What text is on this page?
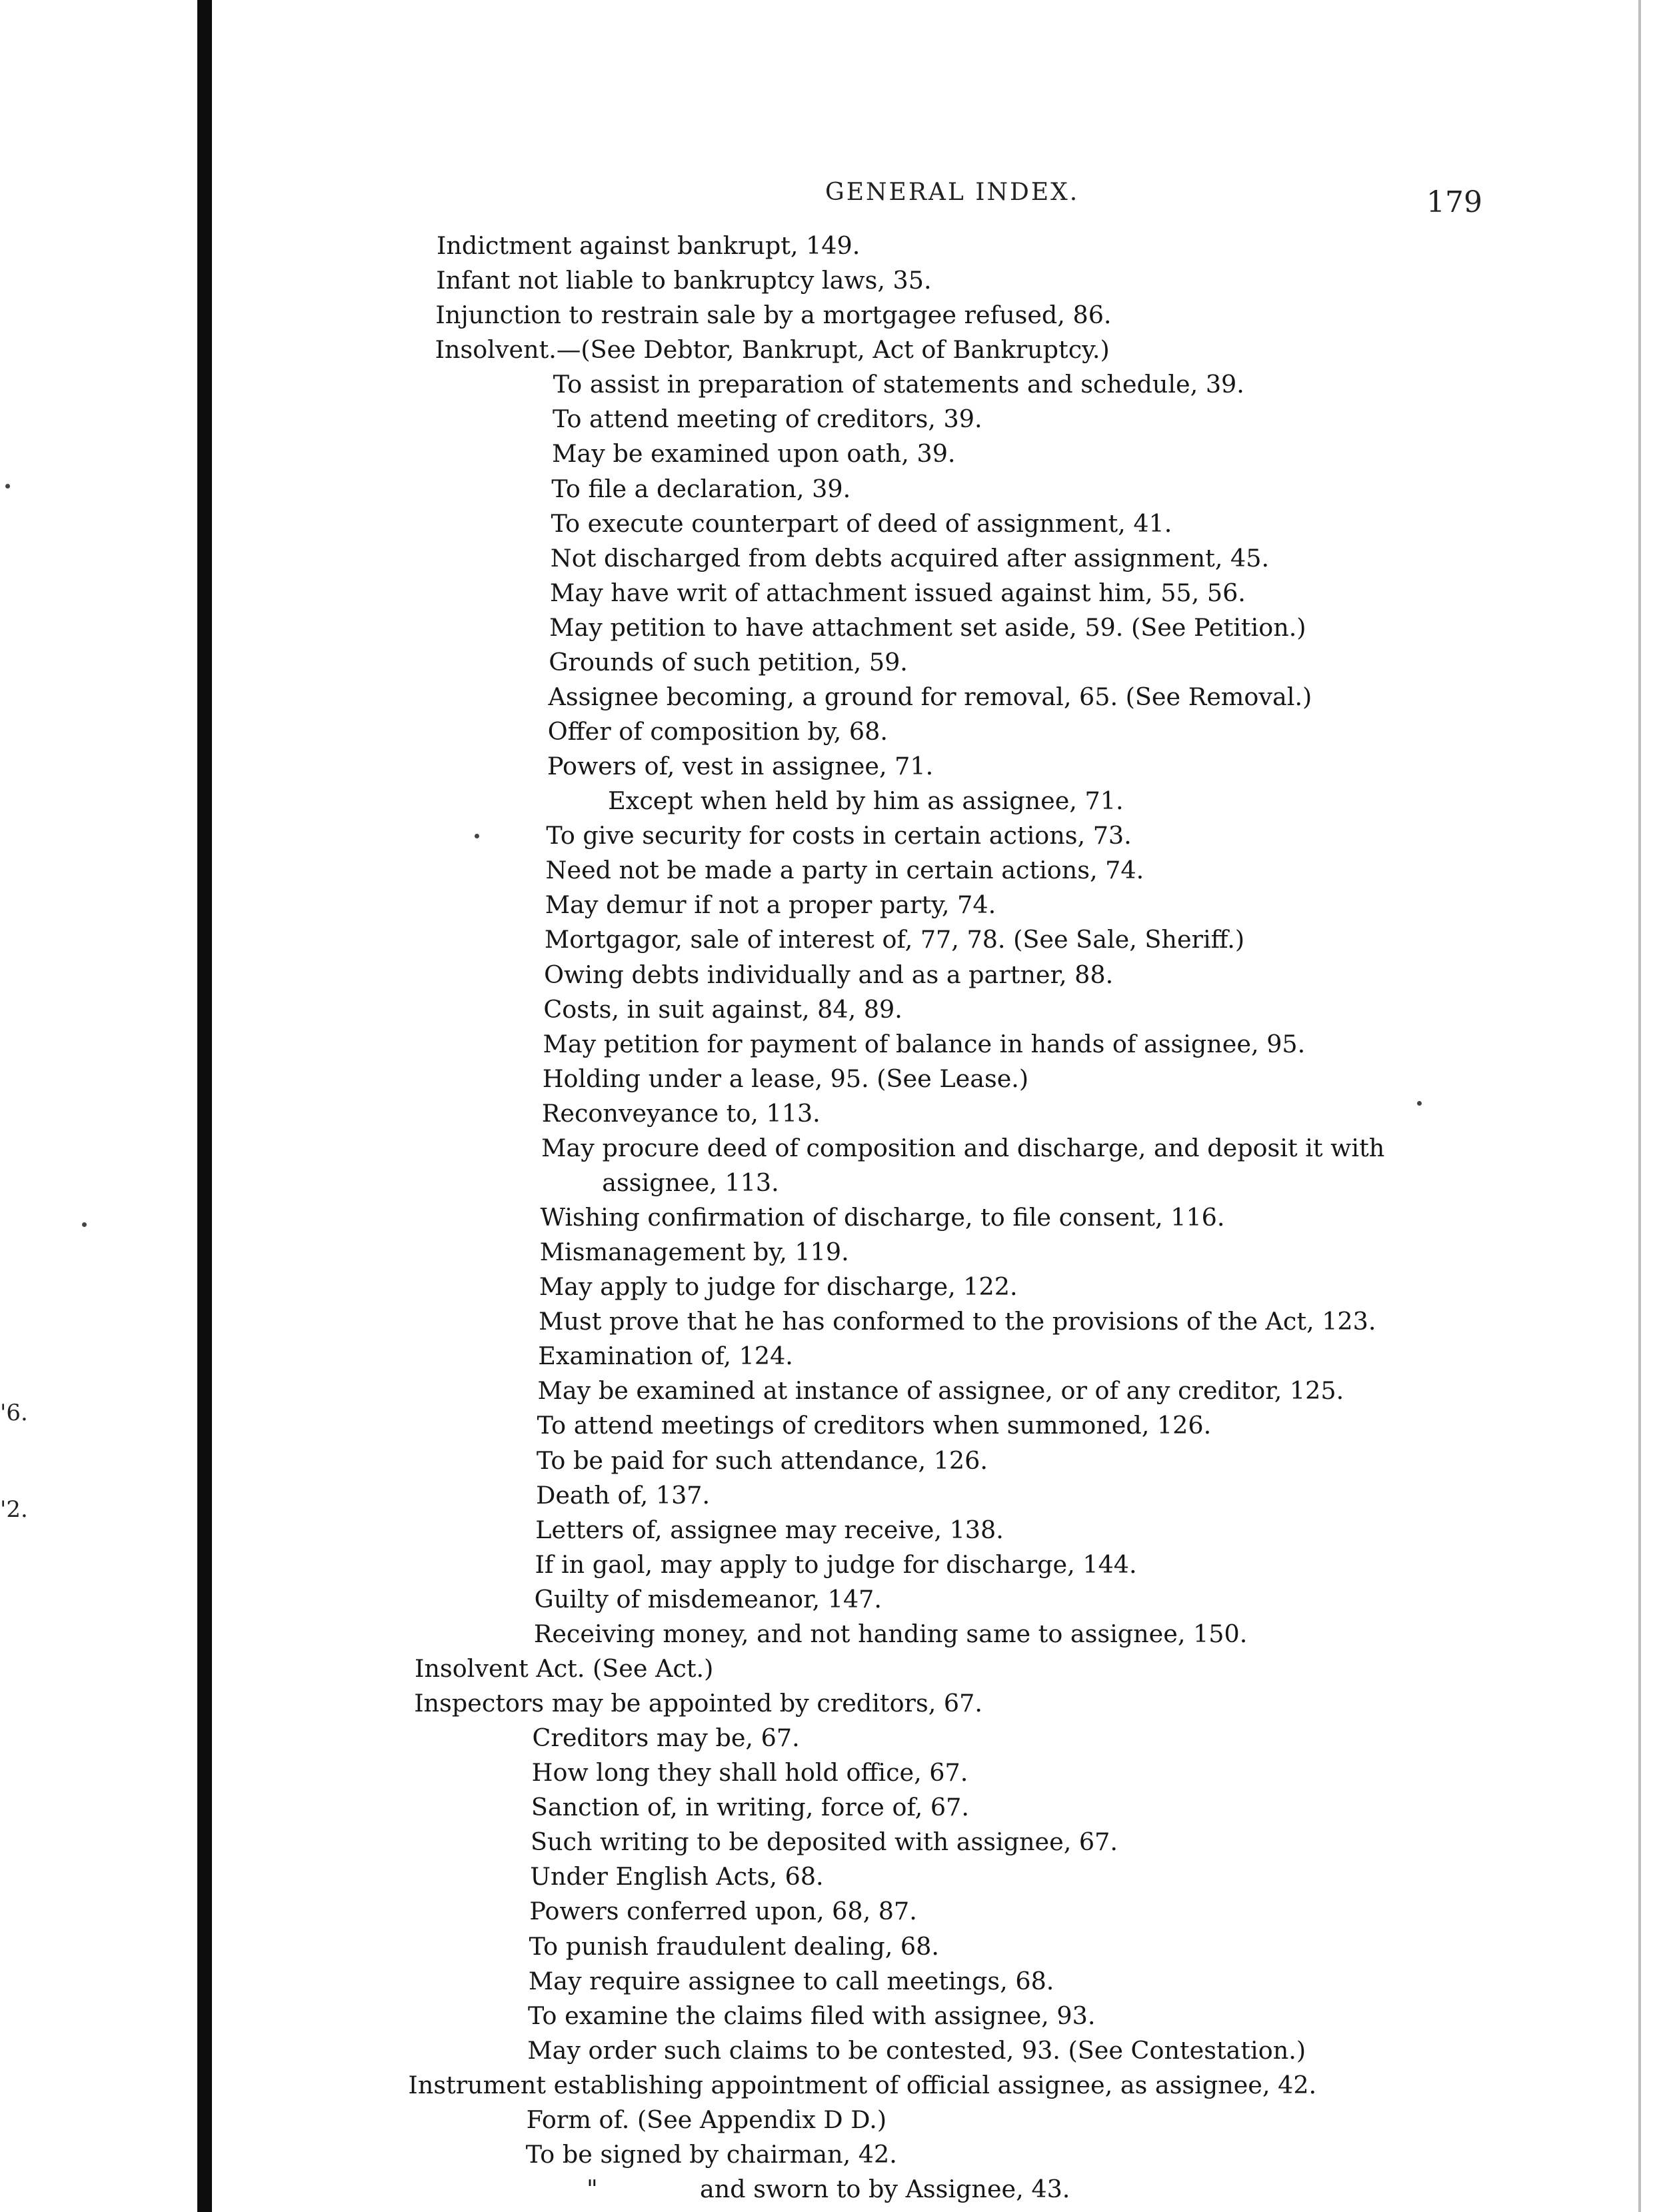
'6.
'2.
GENERAL INDEX.	179
Indictment against bankrupt, 149.
Infant not liable to bankruptcy laws, 35.
Injunction to restrain sale by a mortgagee refused, 86.
Insolvent.—(See Debtor, Bankrupt, Act of Bankruptcy.)
To assist in preparation of statements and schedule, 39.
To attend meeting of creditors, 39.
May be examined upon oath, 39.
To file a declaration, 39.
To execute counterpart of deed of assignment, 41.
Not discharged from debts acquired after assignment, 45.
May have writ of attachment issued against him, 55, 56.
May petition to have attachment set aside, 59. (See Petition.)
Grounds of such petition, 59.
Assignee becoming, a ground for removal, 65. (See Removal.)
Offer of composition by, 68.
Powers of, vest in assignee, 71.
Except when held by him as assignee, 71.
To give security for costs in certain actions, 73.
Need not be made a party in certain actions, 74.
May demur if not a proper party, 74.
Mortgagor, sale of interest of, 77, 78. (See Sale, Sheriff.)
Owing debts individually and as a partner, 88.
Costs, in suit against, 84, 89.
May petition for payment of balance in hands of assignee, 95.
Holding under a lease, 95. (See Lease.)
Reconveyance to, 113.
May procure deed of composition and discharge, and deposit it with
assignee, 113.
Wishing confirmation of discharge, to file consent, 116.
Mismanagement by, 119.
May apply to judge for discharge, 122.
Must prove that he has conformed to the provisions of the Act, 123.
Examination of, 124.
May be examined at instance of assignee, or of any creditor, 125.
To attend meetings of creditors when summoned, 126.
To be paid for such attendance, 126.
Death of, 137.
Letters of, assignee may receive, 138.
If in gaol, may apply to judge for discharge, 144.
Guilty of misdemeanor, 147.
Receiving money, and not handing same to assignee, 150.
Insolvent Act. (See Act.)
Inspectors may be appointed by creditors, 67.
Creditors may be, 67.
How long they shall hold office, 67.
Sanction of, in writing, force of, 67.
Such writing to be deposited with assignee, 67.
Under English Acts, 68.
Powers conferred upon, 68, 87.
To punish fraudulent dealing, 68.
May require assignee to call meetings, 68.
To examine the claims filed with assignee, 93.
May order such claims to be contested, 93. (See Contestation.)
Instrument establishing appointment of official assignee, as assignee, 42.
Form of. (See Appendix D D.)
To be signed by chairman, 42.
"	and sworn to by Assignee, 43.
